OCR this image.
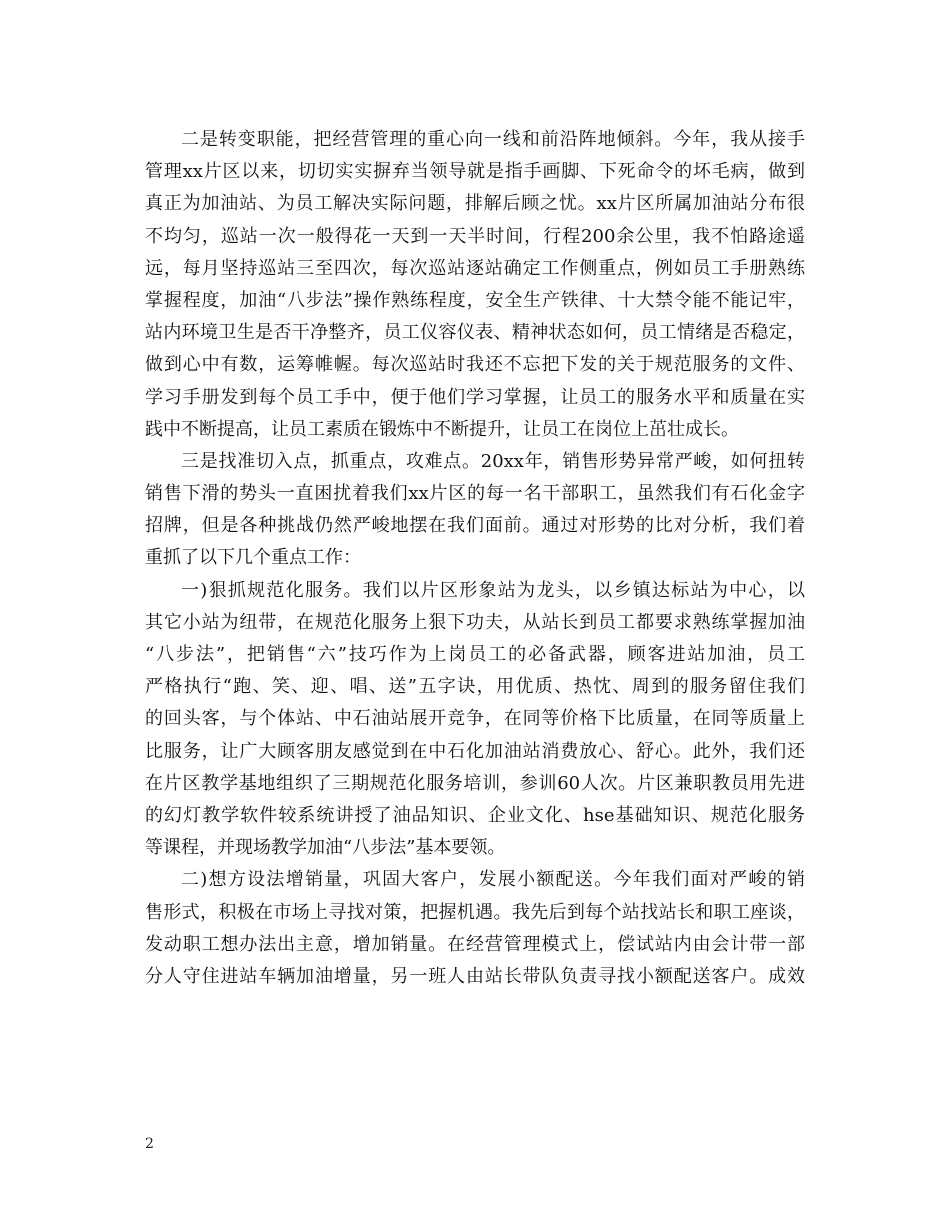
二是转变职能，把经营管理的重心向一线和前沿阵地倾斜。今年，我从接手
管理xx片区以来，切切实实摒弃当领导就是指手画脚、下死命令的坏毛病，做到
真正为加油站、为员工解决实际问题，排解后顾之忧。xx片区所属加油站分布很
不均匀，巡站一次一般得花一天到一天半时间，行程200余公里，我不怕路途遥
远，每月坚持巡站三至四次，每次巡站逐站确定工作侧重点，例如员工手册熟练
掌握程度，加油“八步法”操作熟练程度，安全生产铁律、十大禁令能不能记牢，
站内环境卫生是否干净整齐，员工仪容仪表、精神状态如何，员工情绪是否稳定，
做到心中有数，运筹帷幄。每次巡站时我还不忘把下发的关于规范服务的文件、
学习手册发到每个员工手中，便于他们学习掌握，让员工的服务水平和质量在实
践中不断提高，让员工素质在锻炼中不断提升，让员工在岗位上茁壮成长。
三是找准切入点，抓重点，攻难点。20xx年，销售形势异常严峻，如何扭转
销售下滑的势头一直困扰着我们xx片区的每一名干部职工，虽然我们有石化金字
招牌，但是各种挑战仍然严峻地摆在我们面前。通过对形势的比对分析，我们着
重抓了以下几个重点工作：
一)狠抓规范化服务。我们以片区形象站为龙头，以乡镇达标站为中心，以
其它小站为纽带，在规范化服务上狠下功夫，从站长到员工都要求熟练掌握加油
“八步法”，把销售“六”技巧作为上岗员工的必备武器，顾客进站加油，员工
严格执行“跑、笑、迎、唱、送”五字诀，用优质、热忱、周到的服务留住我们
的回头客，与个体站、中石油站展开竞争，在同等价格下比质量，在同等质量上
比服务，让广大顾客朋友感觉到在中石化加油站消费放心、舒心。此外，我们还
在片区教学基地组织了三期规范化服务培训，参训60人次。片区兼职教员用先进
的幻灯教学软件较系统讲授了油品知识、企业文化、hse基础知识、规范化服务
等课程，并现场教学加油“八步法”基本要领。
二)想方设法增销量，巩固大客户，发展小额配送。今年我们面对严峻的销
售形式，积极在市场上寻找对策，把握机遇。我先后到每个站找站长和职工座谈，
发动职工想办法出主意，增加销量。在经营管理模式上，偿试站内由会计带一部
分人守住进站车辆加油增量，另一班人由站长带队负责寻找小额配送客户。成效
2
